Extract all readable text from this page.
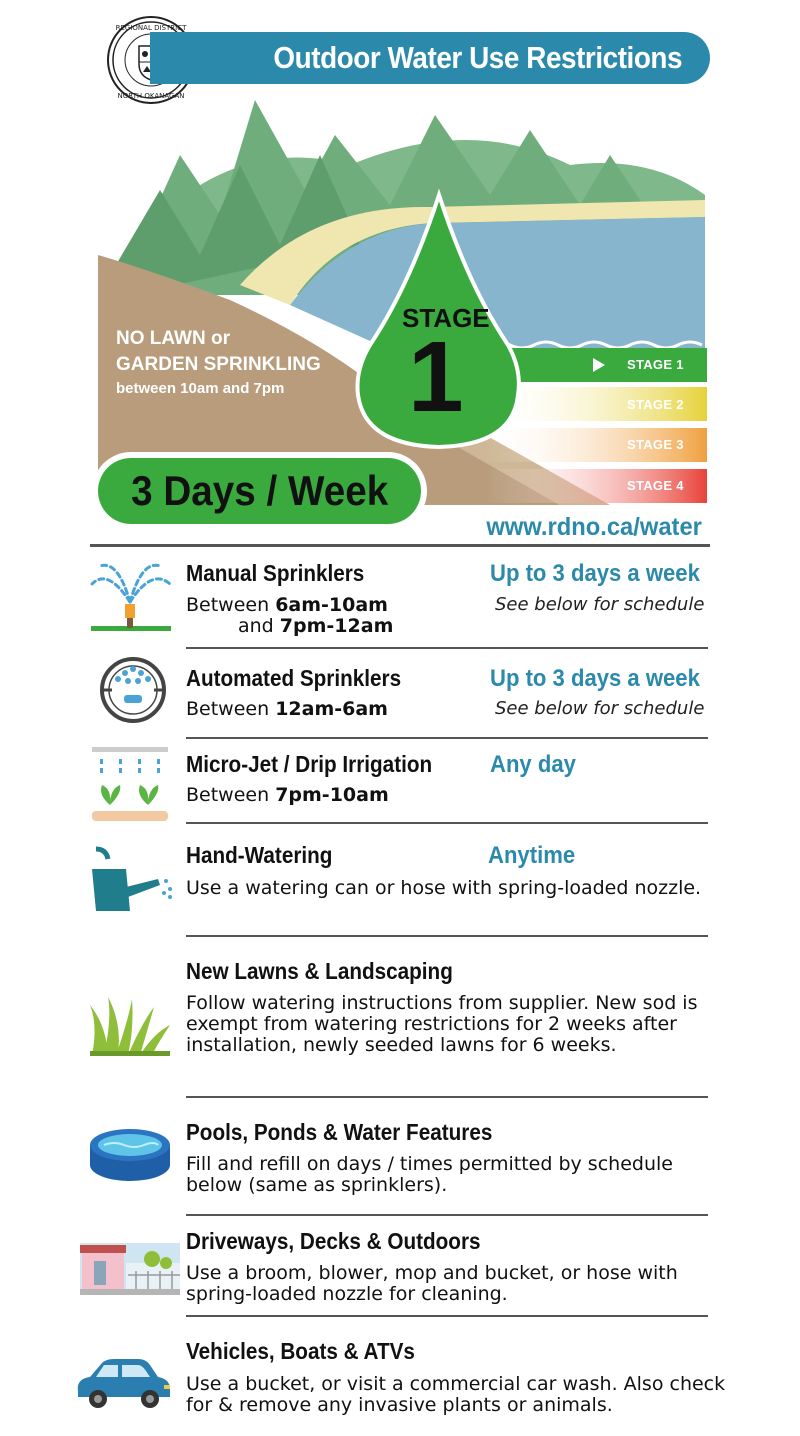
REGIONAL DISTRICT
NORTH OKANAGAN
Outdoor Water Use Restrictions
STAGE 1
STAGE 2
STAGE 3
STAGE 4
STAGE
1
NO LAWN or
GARDEN SPRINKLING
between 10am and 7pm
3 Days / Week
www.rdno.ca/water
Manual Sprinklers
Between 6am-10am
and 7pm-12am
Up to 3 days a week
See below for schedule
Automated Sprinklers
Between 12am-6am
Up to 3 days a week
See below for schedule
Micro-Jet / Drip Irrigation
Between 7pm-10am
Any day
Hand-Watering	Anytime
Use a watering can or hose with spring-loaded nozzle.
New Lawns & Landscaping
Follow watering instructions from supplier. New sod is exempt from watering restrictions for 2 weeks after installation, newly seeded lawns for 6 weeks.
Pools, Ponds & Water Features
Fill and refill on days / times permitted by schedule below (same as sprinklers).
Driveways, Decks & Outdoors
Use a broom, blower, mop and bucket, or hose with spring-loaded nozzle for cleaning.
Vehicles, Boats & ATVs
Use a bucket, or visit a commercial car wash. Also check for & remove any invasive plants or animals.
